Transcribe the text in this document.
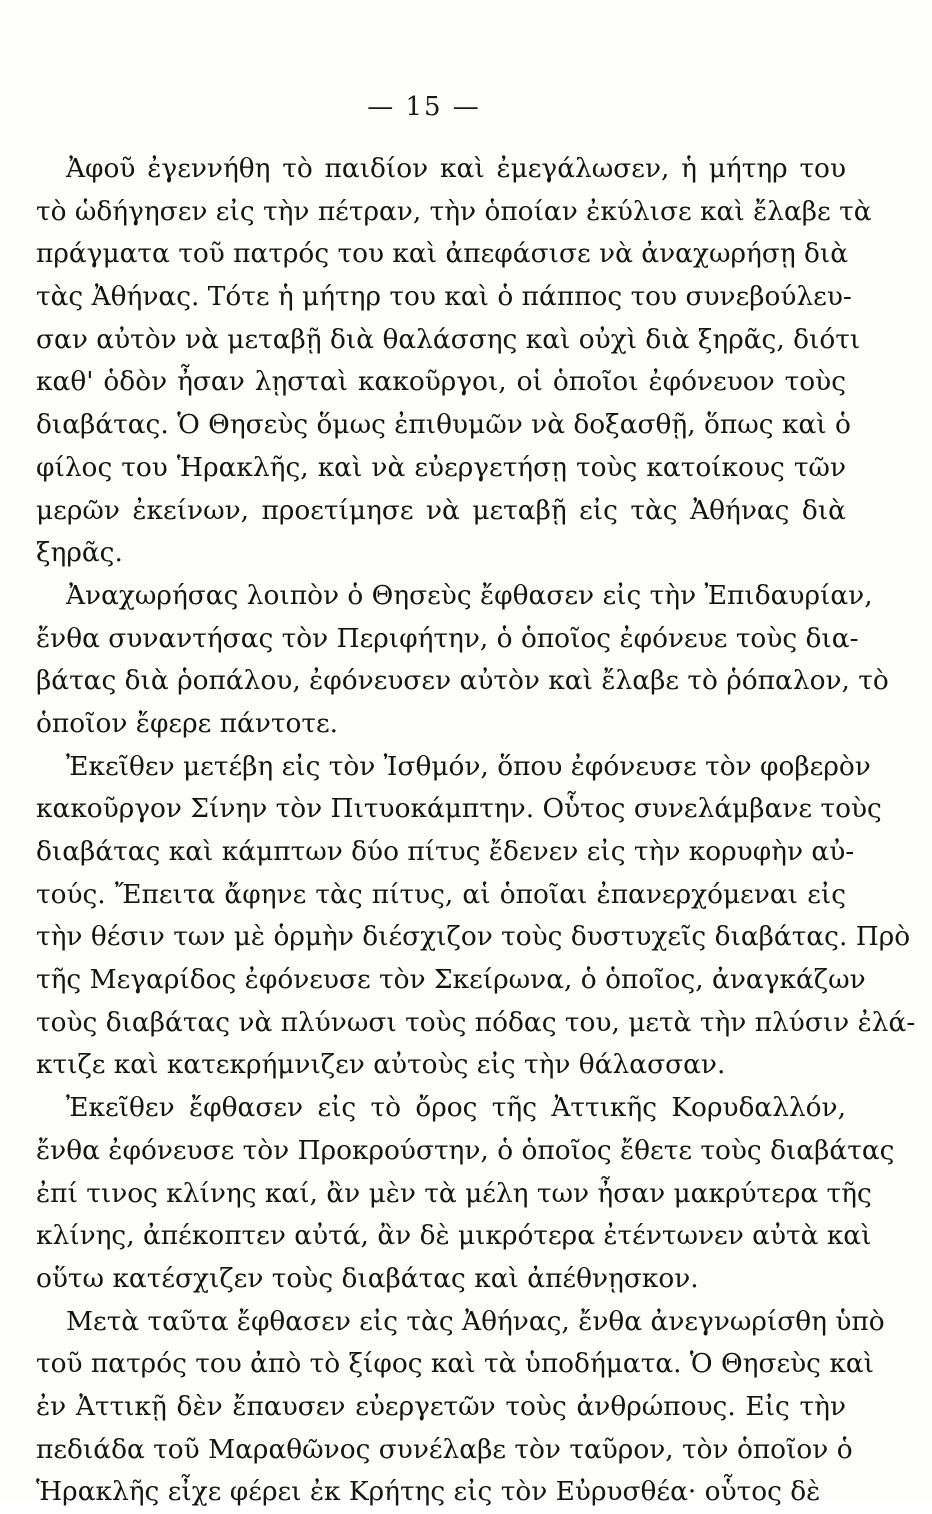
— 15 —
Ἀφοῦ ἐγεννήθη τὸ παιδίον καὶ ἐμεγάλωσεν, ἡ μήτηρ του
τὸ ὡδήγησεν εἰς τὴν πέτραν, τὴν ὁποίαν ἐκύλισε καὶ ἔλαβε τὰ
πράγματα τοῦ πατρός του καὶ ἀπεφάσισε νὰ ἀναχωρήσῃ διὰ
τὰς Ἀθήνας. Τότε ἡ μήτηρ του καὶ ὁ πάππος του συνεβούλευ-
σαν αὐτὸν νὰ μεταβῇ διὰ θαλάσσης καὶ οὐχὶ διὰ ξηρᾶς, διότι
καθ' ὁδὸν ἦσαν λῃσταὶ κακοῦργοι, οἱ ὁποῖοι ἐφόνευον τοὺς
διαβάτας. Ὁ Θησεὺς ὅμως ἐπιθυμῶν νὰ δοξασθῇ, ὅπως καὶ ὁ
φίλος του Ἡρακλῆς, καὶ νὰ εὐεργετήσῃ τοὺς κατοίκους τῶν
μερῶν ἐκείνων, προετίμησε νὰ μεταβῇ εἰς τὰς Ἀθήνας διὰ
ξηρᾶς.
Ἀναχωρήσας λοιπὸν ὁ Θησεὺς ἔφθασεν εἰς τὴν Ἐπιδαυρίαν,
ἔνθα συναντήσας τὸν Περιφήτην, ὁ ὁποῖος ἐφόνευε τοὺς δια-
βάτας διὰ ῥοπάλου, ἐφόνευσεν αὐτὸν καὶ ἔλαβε τὸ ῥόπαλον, τὸ
ὁποῖον ἔφερε πάντοτε.
Ἐκεῖθεν μετέβη εἰς τὸν Ἰσθμόν, ὅπου ἐφόνευσε τὸν φοβερὸν
κακοῦργον Σίνην τὸν Πιτυοκάμπτην. Οὗτος συνελάμβανε τοὺς
διαβάτας καὶ κάμπτων δύο πίτυς ἔδενεν εἰς τὴν κορυφὴν αὐ-
τούς. Ἔπειτα ἄφηνε τὰς πίτυς, αἱ ὁποῖαι ἐπανερχόμεναι εἰς
τὴν θέσιν των μὲ ὁρμὴν διέσχιζον τοὺς δυστυχεῖς διαβάτας. Πρὸ
τῆς Μεγαρίδος ἐφόνευσε τὸν Σκείρωνα, ὁ ὁποῖος, ἀναγκάζων
τοὺς διαβάτας νὰ πλύνωσι τοὺς πόδας του, μετὰ τὴν πλύσιν ἐλά-
κτιζε καὶ κατεκρήμνιζεν αὐτοὺς εἰς τὴν θάλασσαν.
Ἐκεῖθεν ἔφθασεν εἰς τὸ ὄρος τῆς Ἀττικῆς Κορυδαλλόν,
ἔνθα ἐφόνευσε τὸν Προκρούστην, ὁ ὁποῖος ἔθετε τοὺς διαβάτας
ἐπί τινος κλίνης καί, ἂν μὲν τὰ μέλη των ἦσαν μακρύτερα τῆς
κλίνης, ἀπέκοπτεν αὐτά, ἂν δὲ μικρότερα ἐτέντωνεν αὐτὰ καὶ
οὕτω κατέσχιζεν τοὺς διαβάτας καὶ ἀπέθνῃσκον.
Μετὰ ταῦτα ἔφθασεν εἰς τὰς Ἀθήνας, ἔνθα ἀνεγνωρίσθη ὑπὸ
τοῦ πατρός του ἀπὸ τὸ ξίφος καὶ τὰ ὑποδήματα. Ὁ Θησεὺς καὶ
ἐν Ἀττικῇ δὲν ἔπαυσεν εὐεργετῶν τοὺς ἀνθρώπους. Εἰς τὴν
πεδιάδα τοῦ Μαραθῶνος συνέλαβε τὸν ταῦρον, τὸν ὁποῖον ὁ
Ἡρακλῆς εἶχε φέρει ἐκ Κρήτης εἰς τὸν Εὐρυσθέα· οὗτος δὲ
